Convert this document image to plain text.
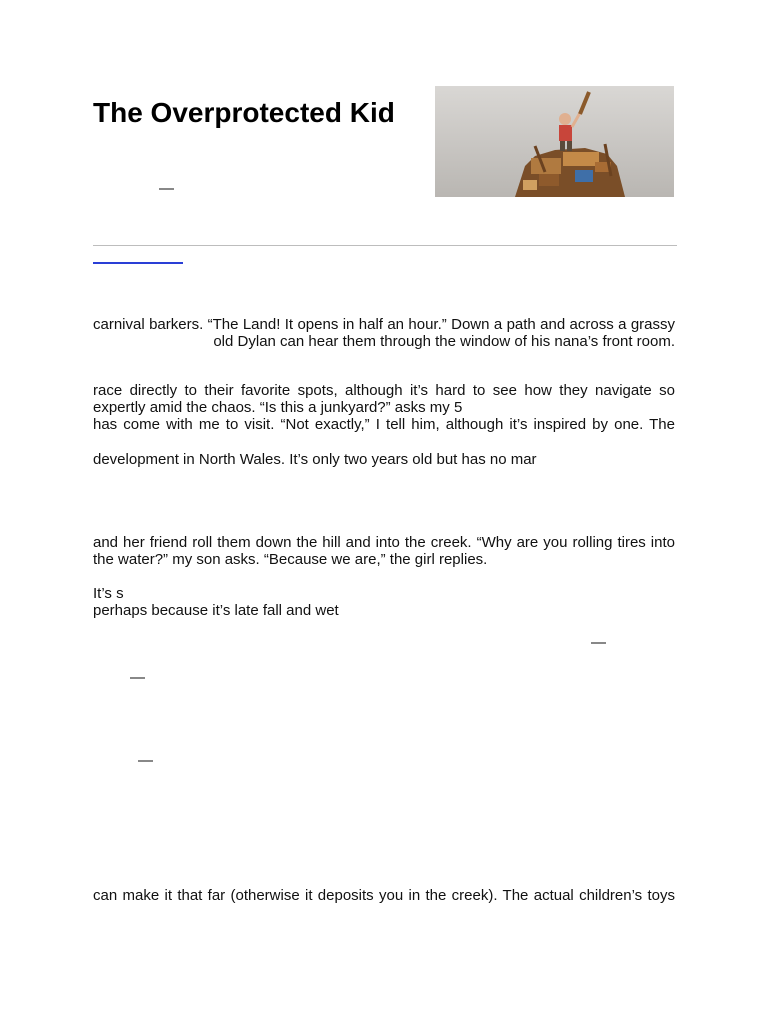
The Overprotected Kid
—
carnival barkers. “The Land! It opens in half an hour.” Down a path and across a grassy
old Dylan can hear them through the window of his nana’s front room.
race directly to their favorite spots, although it’s hard to see how they navigate so
expertly amid the chaos. “Is this a junkyard?” asks my 5
has come with me to visit. “Not exactly,” I tell him, although it’s inspired by one. The
development in North Wales. It’s only two years old but has no mar
and her friend roll them down the hill and into the creek. “Why are you rolling tires into
the water?” my son asks. “Because we are,” the girl replies.
It’s s
perhaps because it’s late fall and wet
—
—
—
can make it that far (otherwise it deposits you in the creek). The actual children’s toys
